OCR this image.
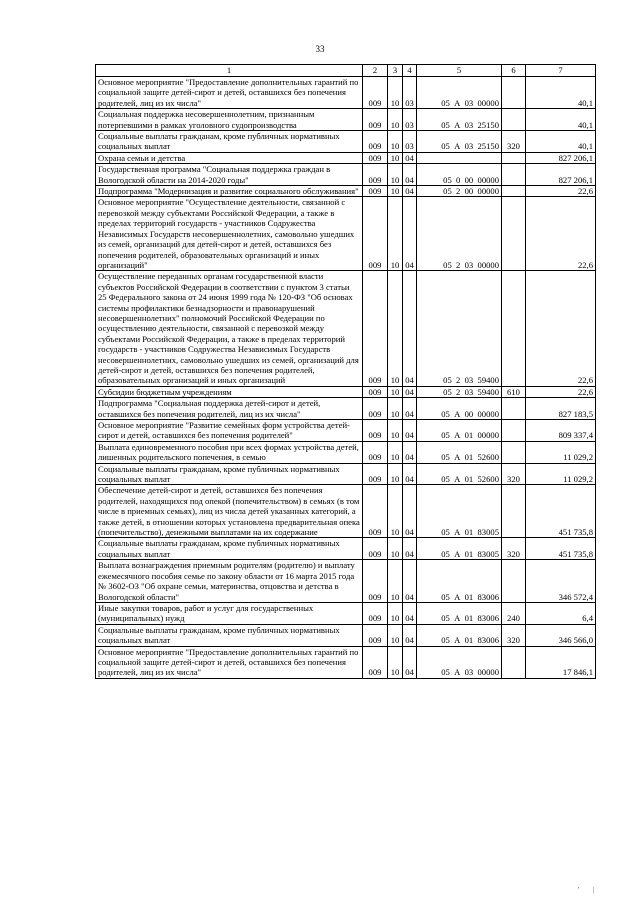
33
1	2	3	4	5	6	7
Основное мероприятие "Предоставление дополнительных гарантий по социальной защите детей-сирот и детей, оставшихся без попечения родителей, лиц из их числа"	009	10	03	05  А  03  00000		40,1
Социальная поддержка несовершеннолетним, признанным потерпевшими в рамках уголовного судопроизводства	009	10	03	05  А  03  25150		40,1
Социальные выплаты гражданам, кроме публичных нормативных социальных выплат	009	10	03	05  А  03  25150	320	40,1
Охрана семьи и детства	009	10	04			827 206,1
Государственная программа "Социальная поддержка граждан в Вологодской области на 2014-2020 годы"	009	10	04	05  0  00  00000		827 206,1
Подпрограмма "Модернизация и развитие социального обслуживания"	009	10	04	05  2  00  00000		22,6
Основное мероприятие "Осуществление деятельности, связанной с перевозкой между субъектами Российской Федерации, а также в пределах территорий государств - участников Содружества Независимых Государств несовершеннолетних, самовольно ушедших из семей, организаций для детей-сирот и детей, оставшихся без попечения родителей, образовательных организаций и иных организаций"	009	10	04	05  2  03  00000		22,6
Осуществление переданных органам государственной власти субъектов Российской Федерации в соответствии с пунктом 3 статьи 25 Федерального закона от 24 июня 1999 года № 120-ФЗ "Об основах системы профилактики безнадзорности и правонарушений несовершеннолетних" полномочий Российской Федерации по осуществлению деятельности, связанной с перевозкой между субъектами Российской Федерации, а также в пределах территорий государств - участников Содружества Независимых Государств несовершеннолетних, самовольно ушедших из семей, организаций для детей-сирот и детей, оставшихся без попечения родителей, образовательных организаций и иных организаций	009	10	04	05  2  03  59400		22,6
Субсидии бюджетным учреждениям	009	10	04	05  2  03  59400	610	22,6
Подпрограмма "Социальная поддержка детей-сирот и детей, оставшихся без попечения родителей, лиц из их числа"	009	10	04	05  А  00  00000		827 183,5
Основное мероприятие "Развитие семейных форм устройства детей-сирот и детей, оставшихся без попечения родителей"	009	10	04	05  А  01  00000		809 337,4
Выплата единовременного пособия при всех формах устройства детей, лишенных родительского попечения, в семью	009	10	04	05  А  01  52600		11 029,2
Социальные выплаты гражданам, кроме публичных нормативных социальных выплат	009	10	04	05  А  01  52600	320	11 029,2
Обеспечение детей-сирот и детей, оставшихся без попечения родителей, находящихся под опекой (попечительством) в семьях (в том числе в приемных семьях), лиц из числа детей указанных категорий, а также детей, в отношении которых установлена предварительная опека (попечительство), денежными выплатами на их содержание	009	10	04	05  А  01  83005		451 735,8
Социальные выплаты гражданам, кроме публичных нормативных социальных выплат	009	10	04	05  А  01  83005	320	451 735,8
Выплата вознаграждения приемным родителям (родителю) и выплату ежемесячного пособия семье по закону области от 16 марта 2015 года № 3602-ОЗ "Об охране семьи, материнства, отцовства и детства в Вологодской области"	009	10	04	05  А  01  83006		346 572,4
Иные закупки товаров, работ и услуг для государственных (муниципальных) нужд	009	10	04	05  А  01  83006	240	6,4
Социальные выплаты гражданам, кроме публичных нормативных социальных выплат	009	10	04	05  А  01  83006	320	346 566,0
Основное мероприятие "Предоставление дополнительных гарантий по социальной защите детей-сирот и детей, оставшихся без попечения родителей, лиц из их числа"	009	10	04	05  А  03  00000		17 846,1
' |
